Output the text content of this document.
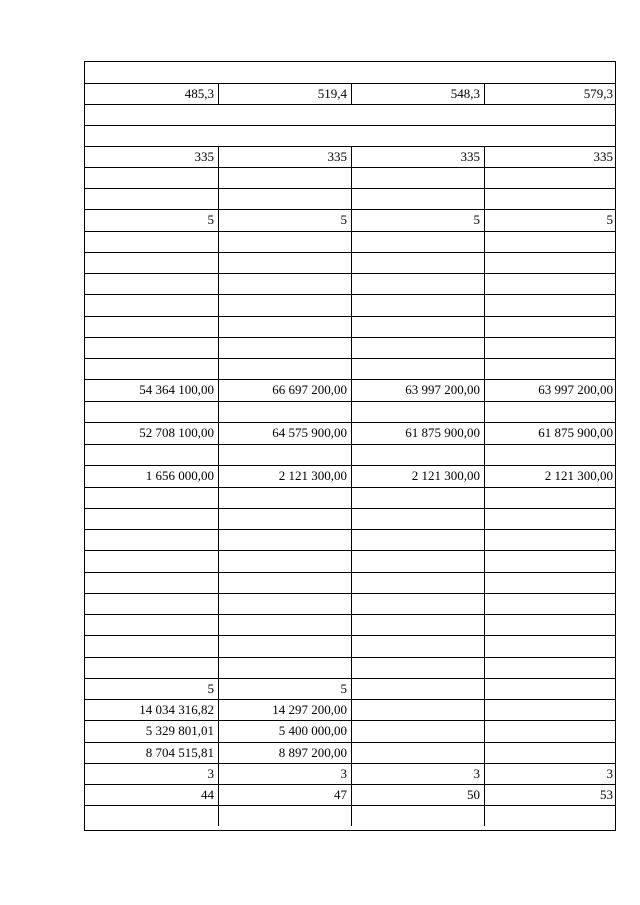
485,3	519,4	548,3	579,3
335	335	335	335
5	5	5	5
54 364 100,00	66 697 200,00	63 997 200,00	63 997 200,00
52 708 100,00	64 575 900,00	61 875 900,00	61 875 900,00
1 656 000,00	2 121 300,00	2 121 300,00	2 121 300,00
5	5
14 034 316,82	14 297 200,00
5 329 801,01	5 400 000,00
8 704 515,81	8 897 200,00
3	3	3	3
44	47	50	53
